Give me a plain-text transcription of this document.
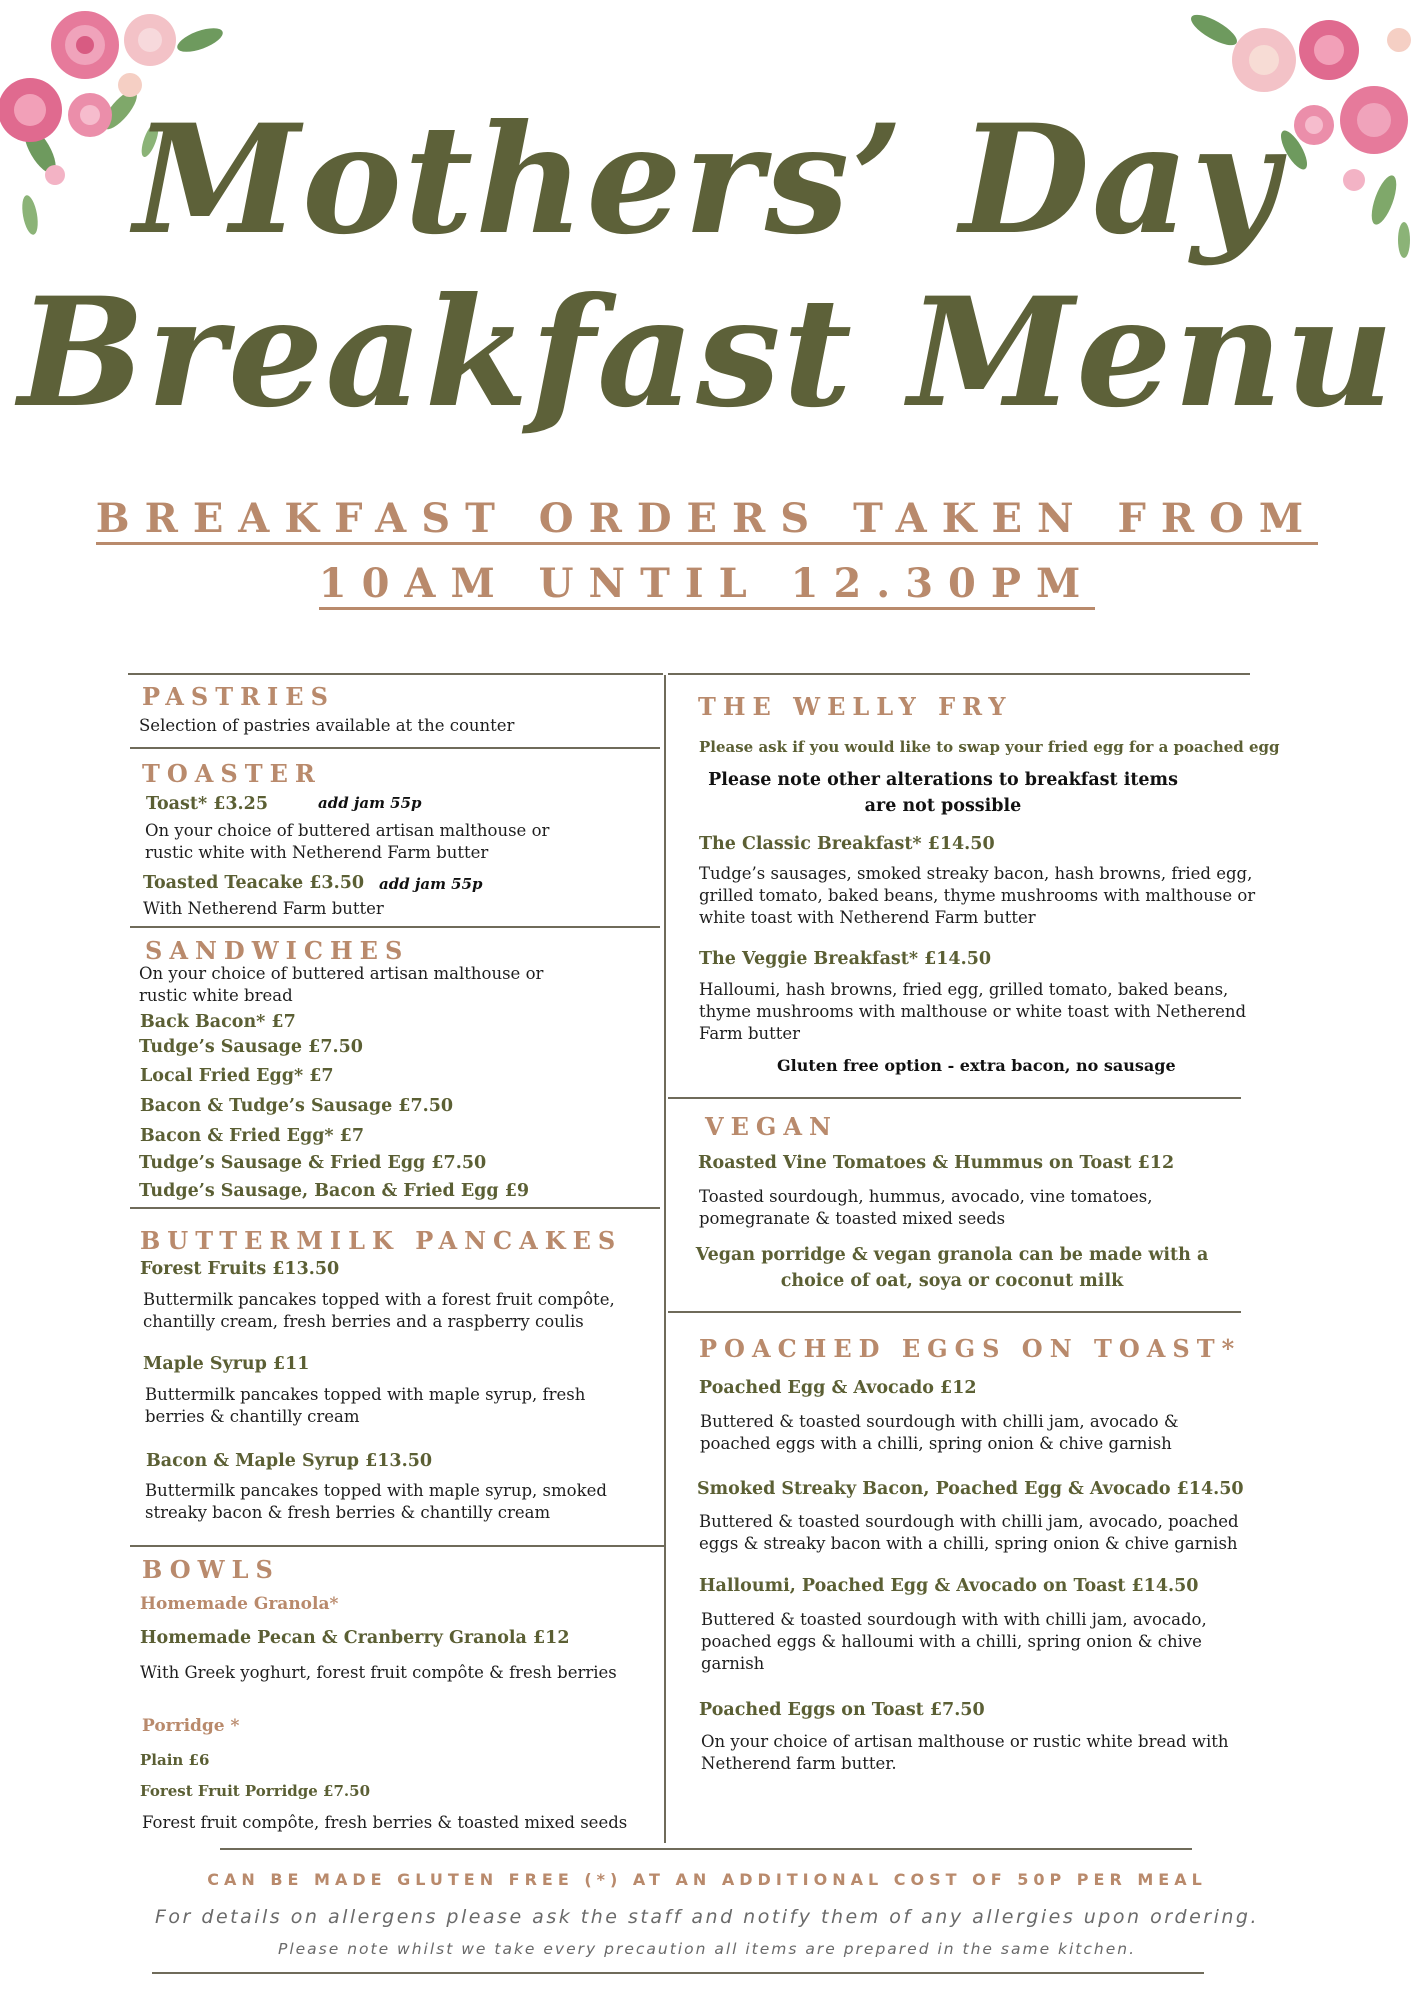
Mothers’ Day
Breakfast Menu
BREAKFAST ORDERS TAKEN FROM
10AM UNTIL 12.30PM
PASTRIES
Selection of pastries available at the counter
TOASTER
Toast* £3.25	add jam 55p
On your choice of buttered artisan malthouse or
rustic white with Netherend Farm butter
Toasted Teacake £3.50 add jam 55p
With Netherend Farm butter
SANDWICHES
On your choice of buttered artisan malthouse or
rustic white bread
Back Bacon* £7
Tudge’s Sausage £7.50
Local Fried Egg* £7
Bacon & Tudge’s Sausage £7.50
Bacon & Fried Egg* £7
Tudge’s Sausage & Fried Egg £7.50
Tudge’s Sausage, Bacon & Fried Egg £9
BUTTERMILK PANCAKES
Forest Fruits £13.50
Buttermilk pancakes topped with a forest fruit compôte,
chantilly cream, fresh berries and a raspberry coulis
Maple Syrup £11
Buttermilk pancakes topped with maple syrup, fresh
berries & chantilly cream
Bacon & Maple Syrup £13.50
Buttermilk pancakes topped with maple syrup, smoked
streaky bacon & fresh berries & chantilly cream
BOWLS
Homemade Granola*
Homemade Pecan & Cranberry Granola £12
With Greek yoghurt, forest fruit compôte & fresh berries
Porridge *
Plain £6
Forest Fruit Porridge £7.50
Forest fruit compôte, fresh berries & toasted mixed seeds
THE WELLY FRY
Please ask if you would like to swap your fried egg for a poached egg
Please note other alterations to breakfast items
are not possible
The Classic Breakfast* £14.50
Tudge’s sausages, smoked streaky bacon, hash browns, fried egg,
grilled tomato, baked beans, thyme mushrooms with malthouse or
white toast with Netherend Farm butter
The Veggie Breakfast* £14.50
Halloumi, hash browns, fried egg, grilled tomato, baked beans,
thyme mushrooms with malthouse or white toast with Netherend
Farm butter
Gluten free option - extra bacon, no sausage
VEGAN
Roasted Vine Tomatoes & Hummus on Toast £12
Toasted sourdough, hummus, avocado, vine tomatoes,
pomegranate & toasted mixed seeds
Vegan porridge & vegan granola can be made with a
choice of oat, soya or coconut milk
POACHED EGGS ON TOAST*
Poached Egg & Avocado £12
Buttered & toasted sourdough with chilli jam, avocado &
poached eggs with a chilli, spring onion & chive garnish
Smoked Streaky Bacon, Poached Egg & Avocado £14.50
Buttered & toasted sourdough with chilli jam, avocado, poached
eggs & streaky bacon with a chilli, spring onion & chive garnish
Halloumi, Poached Egg & Avocado on Toast £14.50
Buttered & toasted sourdough with with chilli jam, avocado,
poached eggs & halloumi with a chilli, spring onion & chive
garnish
Poached Eggs on Toast £7.50
On your choice of artisan malthouse or rustic white bread with
Netherend farm butter.
CAN BE MADE GLUTEN FREE (*) AT AN ADDITIONAL COST OF 50P PER MEAL
For details on allergens please ask the staff and notify them of any allergies upon ordering.
Please note whilst we take every precaution all items are prepared in the same kitchen.
